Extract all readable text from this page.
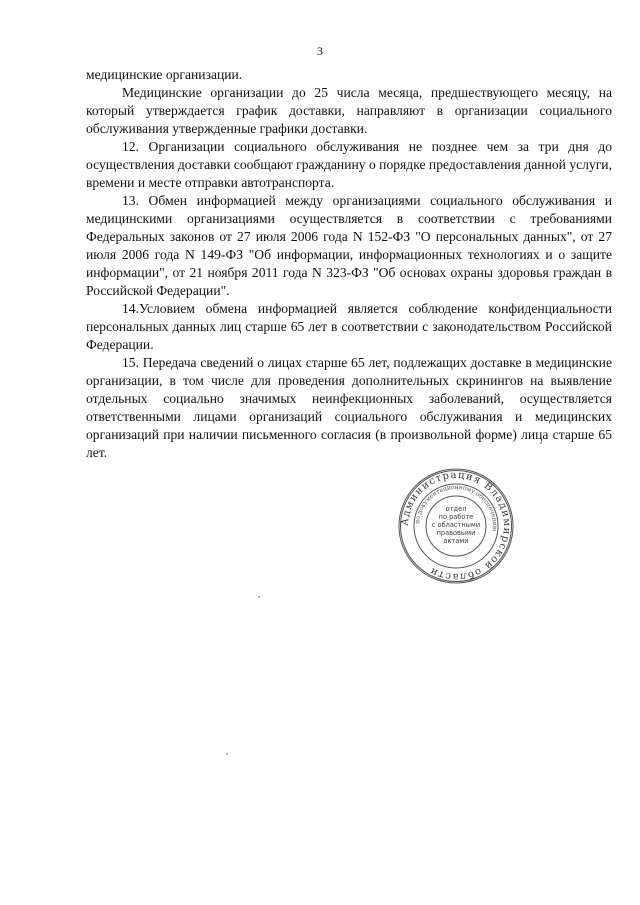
3

медицинские организации.

Медицинские организации до 25 числа месяца, предшествующего месяцу, на который утверждается график доставки, направляют в организации социального обслуживания утвержденные графики доставки.

12. Организации социального обслуживания не позднее чем за три дня до осуществления доставки сообщают гражданину о порядке предоставления данной услуги, времени и месте отправки автотранспорта.

13. Обмен информацией между организациями социального обслуживания и медицинскими организациями осуществляется в соответствии с требованиями Федеральных законов от 27 июля 2006 года N 152-ФЗ "О персональных данных", от 27 июля 2006 года N 149-ФЗ "Об информации, информационных технологиях и о защите информации", от 21 ноября 2011 года N 323-ФЗ "Об основах охраны здоровья граждан в Российской Федерации".

14.Условием обмена информацией является соблюдение конфиденциальности персональных данных лиц старше 65 лет в соответствии с законодательством Российской Федерации.

15. Передача сведений о лицах старше 65 лет, подлежащих доставке в медицинские организации, в том числе для проведения дополнительных скринингов на выявление отдельных социально значимых неинфекционных заболеваний, осуществляется ответственными лицами организаций социального обслуживания и медицинских организаций при наличии письменного согласия (в произвольной форме) лица старше 65 лет.

Администрация Владимирской области
по документационному обеспечению
отдел
по работе
с областными
правовыми
актами
